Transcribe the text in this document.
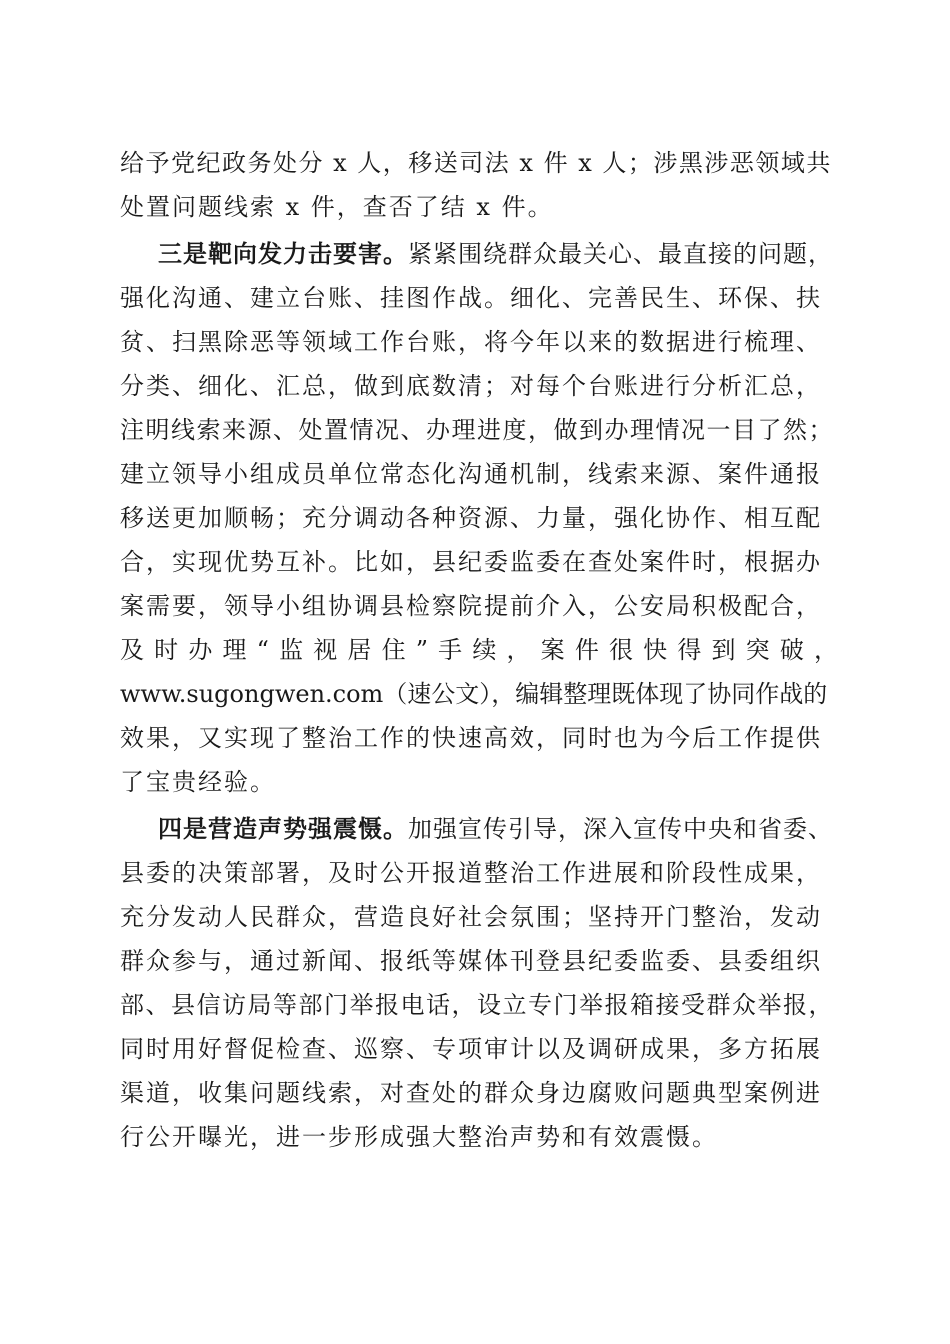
给予党纪政务处分 x 人，移送司法 x 件 x 人；涉黑涉恶领域共
处置问题线索 x 件，查否了结 x 件。
三是靶向发力击要害。紧紧围绕群众最关心、最直接的问题，
强化沟通、建立台账、挂图作战。细化、完善民生、环保、扶
贫、扫黑除恶等领域工作台账，将今年以来的数据进行梳理、
分类、细化、汇总，做到底数清；对每个台账进行分析汇总，
注明线索来源、处置情况、办理进度，做到办理情况一目了然；
建立领导小组成员单位常态化沟通机制，线索来源、案件通报
移送更加顺畅；充分调动各种资源、力量，强化协作、相互配
合，实现优势互补。比如，县纪委监委在查处案件时，根据办
案需要，领导小组协调县检察院提前介入，公安局积极配合，
及时办理“监视居住”手续，案件很快得到突破，
www.sugongwen.com（速公文），编辑整理既体现了协同作战的
效果，又实现了整治工作的快速高效，同时也为今后工作提供
了宝贵经验。
四是营造声势强震慑。加强宣传引导，深入宣传中央和省委、
县委的决策部署，及时公开报道整治工作进展和阶段性成果，
充分发动人民群众，营造良好社会氛围；坚持开门整治，发动
群众参与，通过新闻、报纸等媒体刊登县纪委监委、县委组织
部、县信访局等部门举报电话，设立专门举报箱接受群众举报，
同时用好督促检查、巡察、专项审计以及调研成果，多方拓展
渠道，收集问题线索，对查处的群众身边腐败问题典型案例进
行公开曝光，进一步形成强大整治声势和有效震慑。
